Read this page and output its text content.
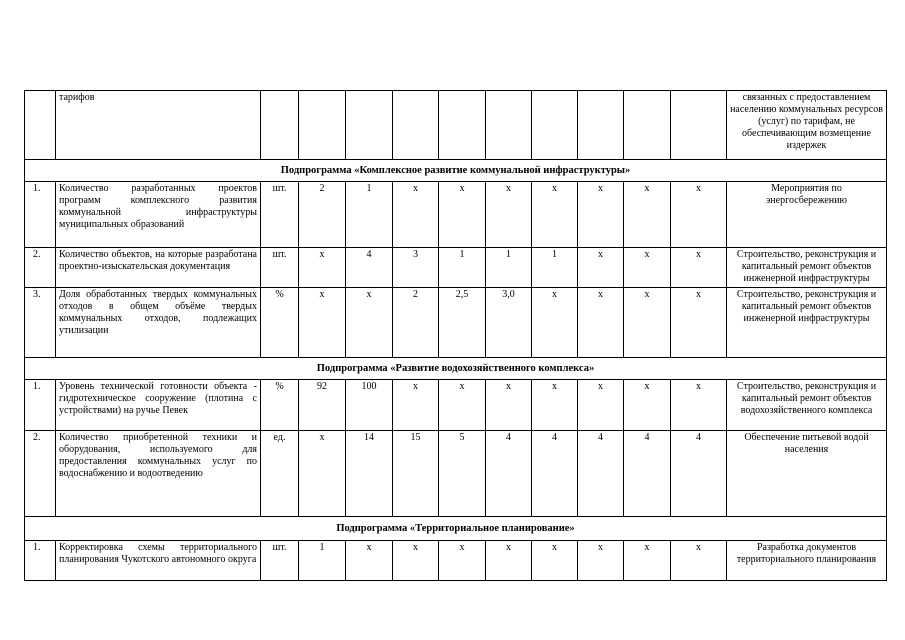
	тарифов											связанных с предоставлением населению коммунальных ресурсов (услуг) по тарифам, не обеспечивающим возмещение издержек
Подпрограмма «Комплексное развитие коммунальной инфраструктуры»												
1.	Количество разработанных проектов программ комплексного развития коммунальной инфраструктуры муниципальных образований	шт.	2	1	х	х	х	х	х	х	х	Мероприятия по энергосбережению
2.	Количество объектов, на которые разработана проектно-изыскательская документация	шт.	х	4	3	1	1	1	х	х	х	Строительство, реконструкция и капитальный ремонт объектов инженерной инфраструктуры
3.	Доля обработанных твердых коммунальных отходов в общем объёме твердых коммунальных отходов, подлежащих утилизации	%	х	х	2	2,5	3,0	х	х	х	х	Строительство, реконструкция и капитальный ремонт объектов инженерной инфраструктуры
Подпрограмма «Развитие водохозяйственного комплекса»												
1.	Уровень технической готовности объекта - гидротехническое сооружение (плотина с устройствами) на ручье Певек	%	92	100	х	х	х	х	х	х	х	Строительство, реконструкция и капитальный ремонт объектов водохозяйственного комплекса
2.	Количество приобретенной техники и оборудования, используемого для предоставления коммунальных услуг по водоснабжению и водоотведению	ед.	х	14	15	5	4	4	4	4	4	Обеспечение питьевой водой населения
Подпрограмма «Территориальное планирование»												
1.	Корректировка схемы территориального планирования Чукотского автономного округа	шт.	1	х	х	х	х	х	х	х	х	Разработка документов территориального планирования
